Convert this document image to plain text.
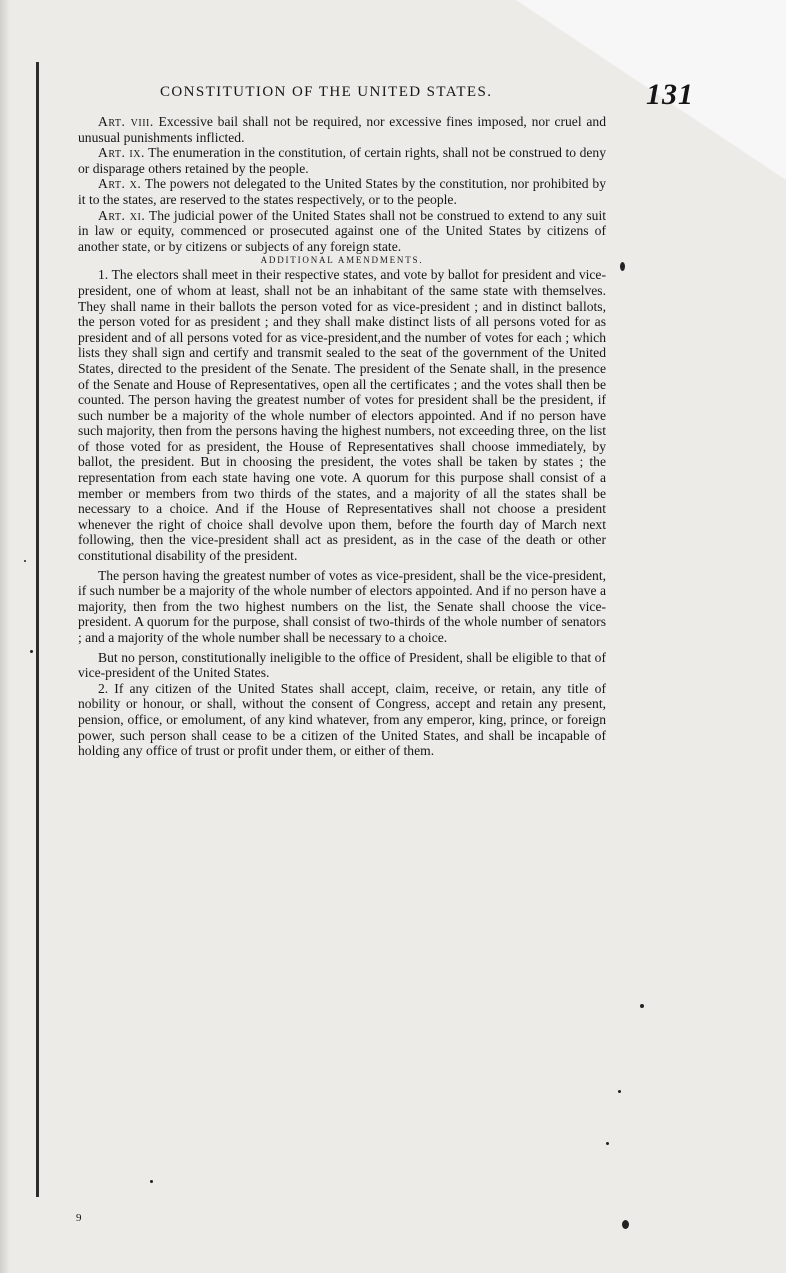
CONSTITUTION OF THE UNITED STATES.	131

Art. viii. Excessive bail shall not be required, nor excessive fines imposed, nor cruel and unusual punishments inflicted.

Art. ix. The enumeration in the constitution, of certain rights, shall not be construed to deny or disparage others retained by the people.

Art. x. The powers not delegated to the United States by the constitution, nor prohibited by it to the states, are reserved to the states respectively, or to the people.

Art. xi. The judicial power of the United States shall not be construed to extend to any suit in law or equity, commenced or prosecuted against one of the United States by citizens of another state, or by citizens or subjects of any foreign state.

ADDITIONAL AMENDMENTS.

1. The electors shall meet in their respective states, and vote by ballot for president and vice-president, one of whom at least, shall not be an inhabitant of the same state with themselves. They shall name in their ballots the person voted for as vice-president ; and in distinct ballots, the person voted for as president ; and they shall make distinct lists of all persons voted for as president and of all persons voted for as vice-president,and the number of votes for each ; which lists they shall sign and certify and transmit sealed to the seat of the government of the United States, directed to the president of the Senate. The president of the Senate shall, in the presence of the Senate and House of Representatives, open all the certificates ; and the votes shall then be counted. The person having the greatest number of votes for president shall be the president, if such number be a majority of the whole number of electors appointed. And if no person have such majority, then from the persons having the highest numbers, not exceeding three, on the list of those voted for as president, the House of Representatives shall choose immediately, by ballot, the president. But in choosing the president, the votes shall be taken by states ; the representation from each state having one vote. A quorum for this purpose shall consist of a member or members from two thirds of the states, and a majority of all the states shall be necessary to a choice. And if the House of Representatives shall not choose a president whenever the right of choice shall devolve upon them, before the fourth day of March next following, then the vice-president shall act as president, as in the case of the death or other constitutional disability of the president.

The person having the greatest number of votes as vice-president, shall be the vice-president, if such number be a majority of the whole number of electors appointed. And if no person have a majority, then from the two highest numbers on the list, the Senate shall choose the vice-president. A quorum for the purpose, shall consist of two-thirds of the whole number of senators ; and a majority of the whole number shall be necessary to a choice.

But no person, constitutionally ineligible to the office of President, shall be eligible to that of vice-president of the United States.

2. If any citizen of the United States shall accept, claim, receive, or retain, any title of nobility or honour, or shall, without the consent of Congress, accept and retain any present, pension, office, or emolument, of any kind whatever, from any emperor, king, prince, or foreign power, such person shall cease to be a citizen of the United States, and shall be incapable of holding any office of trust or profit under them, or either of them.

9
